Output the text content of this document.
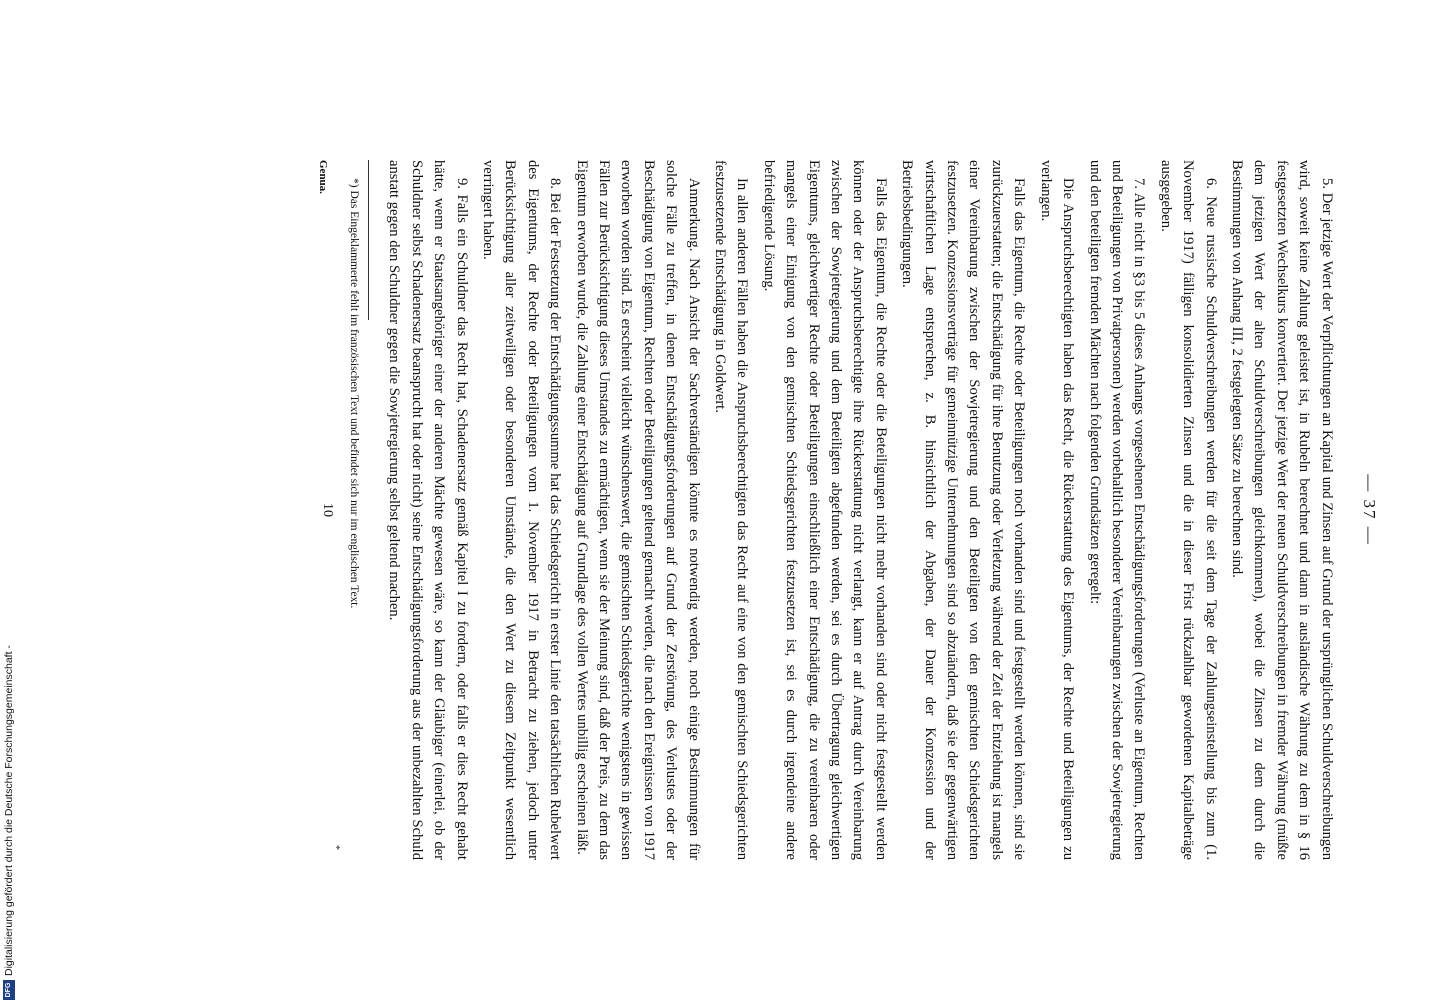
— 37 —

5. Der jetzige Wert der Verpflichtungen an Kapital und Zinsen auf Grund der ursprünglichen Schuldverschreibungen wird, soweit keine Zahlung geleistet ist, in Rubeln berechnet und dann in ausländische Währung zu dem in § 16 festgesetzten Wechselkurs konvertiert. Der jetzige Wert der neuen Schuldverschreibungen in fremder Währung (müßte dem jetzigen Wert der alten Schuldverschreibungen gleichkommen), wobei die Zinsen zu dem durch die Bestimmungen von Anhang III, 2 festgelegten Sätze zu berechnen sind.

6. Neue russische Schuldverschreibungen werden für die seit dem Tage der Zahlungseinstellung bis zum (1. November 1917) fälligen konsolidierten Zinsen und die in dieser Frist rückzahlbar gewordenen Kapitalbeträge ausgegeben.

7. Alle nicht in §3 bis 5 dieses Anhangs vorgesehenen Entschädigungsforderungen (Verluste an Eigentum, Rechten und Beteiligungen von Privatpersonen) werden vorbehaltlich besonderer Vereinbarungen zwischen der Sowjetregierung und den beteiligten fremden Mächten nach folgenden Grundsätzen geregelt:

Die Anspruchsberechtigten haben das Recht, die Rückerstattung des Eigentums, der Rechte und Beteiligungen zu verlangen.

Falls das Eigentum, die Rechte oder Beteiligungen noch vorhanden sind und festgestellt werden können, sind sie zurückzuerstatten; die Entschädigung für ihre Benutzung oder Verletzung während der Zeit der Entziehung ist mangels einer Vereinbarung zwischen der Sowjetregierung und den Beteiligten von den gemischten Schiedsgerichten festzusetzen. Konzessionsverträge für gemeinnützige Unternehmungen sind so abzuändern, daß sie der gegenwärtigen wirtschaftlichen Lage entsprechen, z. B. hinsichtlich der Abgaben, der Dauer der Konzession und der Betriebsbedingungen.

Falls das Eigentum, die Rechte oder die Beteiligungen nicht mehr vorhanden sind oder nicht festgestellt werden können oder der Anspruchsberechtigte ihre Rückerstattung nicht verlangt, kann er auf Antrag durch Vereinbarung zwischen der Sowjetregierung und dem Beteiligten abgefunden werden, sei es durch Übertragung gleichwertigen Eigentums, gleichwertiger Rechte oder Beteiligungen einschließlich einer Entschädigung, die zu vereinbaren oder mangels einer Einigung von den gemischten Schiedsgerichten festzusetzen ist, sei es durch irgendeine andere befriedigende Lösung.

In allen anderen Fällen haben die Anspruchsberechtigten das Recht auf eine von den gemischten Schiedsgerichten festzusetzende Entschädigung in Goldwert.

Anmerkung. Nach Ansicht der Sachverständigen könnte es notwendig werden, noch einige Bestimmungen für solche Fälle zu treffen, in denen Entschädigungsforderungen auf Grund der Zerstörung, des Verlustes oder der Beschädigung von Eigentum, Rechten oder Beteiligungen geltend gemacht werden, die nach den Ereignissen von 1917 erworben worden sind. Es erscheint vielleicht wünschenswert, die gemischten Schiedsgerichte wenigstens in gewissen Fällen zur Berücksichtigung dieses Umstandes zu ermächtigen, wenn sie der Meinung sind, daß der Preis, zu dem das Eigentum erworben wurde, die Zahlung einer Entschädigung auf Grundlage des vollen Wertes unbillig erscheinen läßt.

8. Bei der Festsetzung der Entschädigungssumme hat das Schiedsgericht in erster Linie den tatsächlichen Rubelwert des Eigentums, der Rechte oder Beteiligungen vom 1. November 1917 in Betracht zu ziehen, jedoch unter Berücksichtigung aller zeitweiligen oder besonderen Umstände, die den Wert zu diesem Zeitpunkt wesentlich verringert haben.

9. Falls ein Schuldner das Recht hat, Schadenersatz gemäß Kapitel I zu fordern, oder falls er dies Recht gehabt hätte, wenn er Staatsangehöriger einer der anderen Mächte gewesen wäre, so kann der Gläubiger (einerlei, ob der Schuldner selbst Schadenersatz beansprucht hat oder nicht) seine Entschädigungsforderung aus der unbezahlten Schuld anstatt gegen den Schuldner gegen die Sowjetregierung selbst geltend machen.

*) Das Eingeklammerte fehlt im französischen Text und befindet sich nur im englischen Text.

Genua.
10
*
DFGDigitalisierung gefördert durch die Deutsche Forschungsgemeinschaft -
